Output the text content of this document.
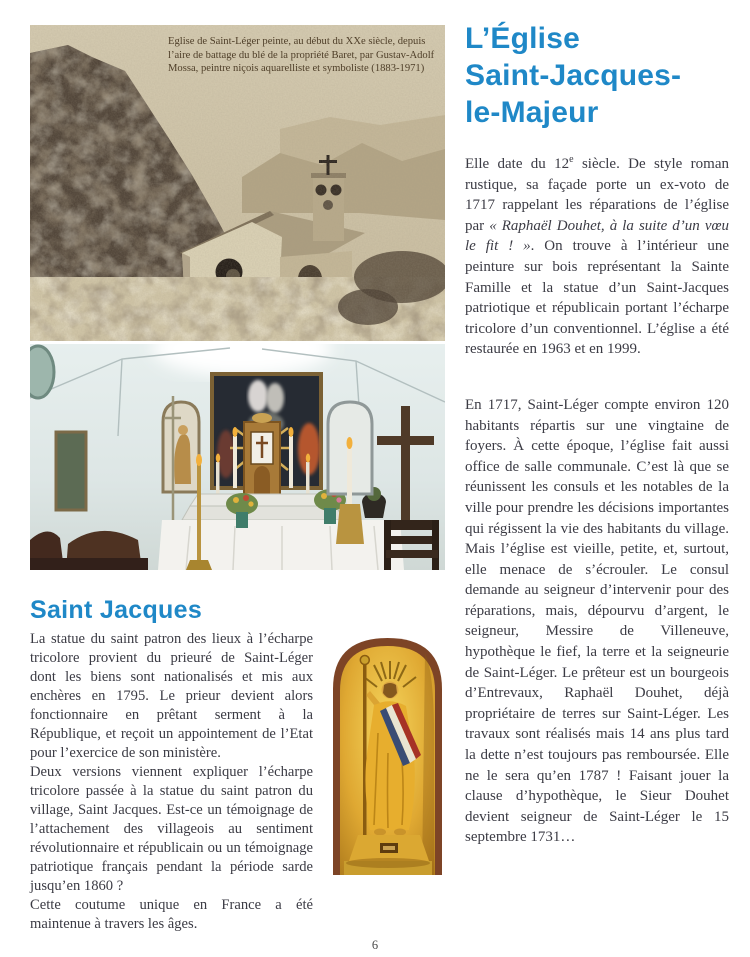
Eglise de Saint-Léger peinte, au début du XXe siècle, depuis l’aire de battage du blé de la propriété Baret, par Gustav-Adolf Mossa, peintre niçois aquarelliste et symboliste (1883-1971)
Saint Jacques

La statue du saint patron des lieux à l’écharpe tricolore provient du prieuré de Saint-Léger dont les biens sont nationalisés et mis aux enchères en 1795. Le prieur devient alors fonctionnaire en prêtant serment à la République, et reçoit un appointement de l’Etat pour l’exercice de son ministère.

Deux versions viennent expliquer l’écharpe tricolore passée à la statue du saint patron du village, Saint Jacques. Est-ce un témoignage de l’attachement des villageois au sentiment révolutionnaire et républicain ou un témoignage patriotique français pendant la période sarde jusqu’en 1860 ?

Cette coutume unique en France a été maintenue à travers les âges.

L’Église
Saint-Jacques-
le-Majeur

Elle date du 12e siècle. De style roman rustique, sa façade porte un ex-voto de 1717 rappelant les réparations de l’église par « Raphaël Douhet, à la suite d’un vœu le fit ! ». On trouve à l’intérieur une peinture sur bois représentant la Sainte Famille et la statue d’un Saint-Jacques patriotique et républicain portant l’écharpe tricolore d’un conventionnel. L’église a été restaurée en 1963 et en 1999.

En 1717, Saint-Léger compte environ 120 habitants répartis sur une vingtaine de foyers. À cette époque, l’église fait aussi office de salle communale. C’est là que se réunissent les consuls et les notables de la ville pour prendre les décisions importantes qui régissent la vie des habitants du village. Mais l’église est vieille, petite, et, surtout, elle menace de s’écrouler. Le consul demande au seigneur d’intervenir pour des réparations, mais, dépourvu d’argent, le seigneur, Messire de Villeneuve, hypothèque le fief, la terre et la seigneurie de Saint-Léger. Le prêteur est un bourgeois d’Entrevaux, Raphaël Douhet, déjà propriétaire de terres sur Saint-Léger. Les travaux sont réalisés mais 14 ans plus tard la dette n’est toujours pas remboursée. Elle ne le sera qu’en 1787 ! Faisant jouer la clause d’hypothèque, le Sieur Douhet devient seigneur de Saint-Léger le 15 septembre 1731…

6
